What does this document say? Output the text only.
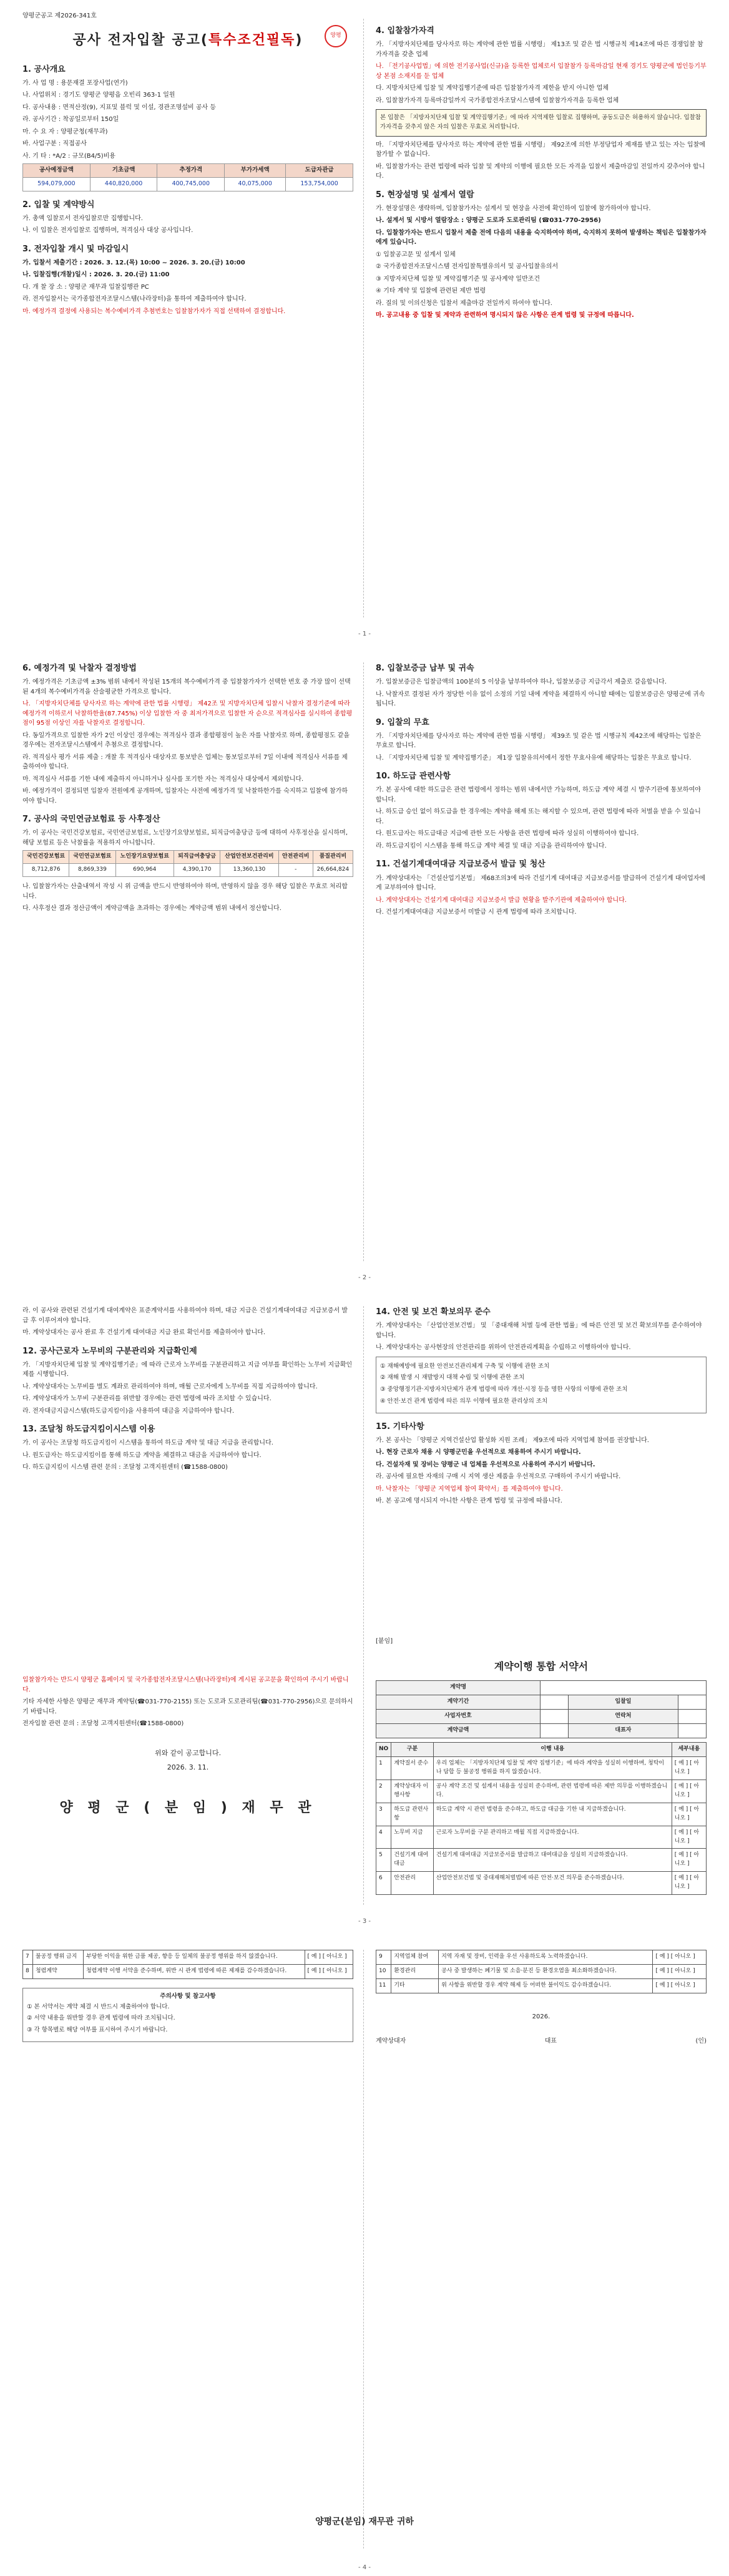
양평군공고 제2026-341호
공사 전자입찰 공고(특수조건필독)	양평
1. 공사개요

가. 사 업 명 : 용문재결 포장사업(연가)

나. 사업위치 : 경기도 양평군 양평읍 오빈리 363-1 일원

다. 공사내용 : 면적산정(9), 지표및 블럭 및 이설, 경관조명설비 공사 등

라. 공사기간 : 착공일로부터 150일

마. 수 요 자 : 양평군청(재무과)

바. 사업구분 : 직접공사

사. 기 타 : *A/2 : 규모(B4/5)비용

공사예정금액	기초금액	추정가격	부가가세액	도급자관급
594,079,000	440,820,000	400,745,000	40,075,000	153,754,000
2. 입찰 및 계약방식

가. 총액 입찰로서 전자입찰로만 집행합니다.

나. 이 입찰은 전자입찰로 집행하며, 적격심사 대상 공사입니다.

3. 전자입찰 개시 및 마감일시

가. 입찰서 제출기간 : 2026. 3. 12.(목) 10:00 ~ 2026. 3. 20.(금) 10:00

나. 입찰집행(개찰)일시 : 2026. 3. 20.(금) 11:00

다. 개 찰 장 소 : 양평군 재무과 입찰집행관 PC

라. 전자입찰서는 국가종합전자조달시스템(나라장터)을 통하여 제출하여야 합니다.

마. 예정가격 결정에 사용되는 복수예비가격 추첨번호는 입찰참가자가 직접 선택하여 결정합니다.

4. 입찰참가자격

가. 「지방자치단체를 당사자로 하는 계약에 관한 법률 시행령」 제13조 및 같은 법 시행규칙 제14조에 따른 경쟁입찰 참가자격을 갖춘 업체

나. 「전기공사업법」에 의한 전기공사업(신규)을 등록한 업체로서 입찰참가 등록마감일 현재 경기도 양평군에 법인등기부상 본점 소재지를 둔 업체

다. 지방자치단체 입찰 및 계약집행기준에 따른 입찰참가자격 제한을 받지 아니한 업체

라. 입찰참가자격 등록마감일까지 국가종합전자조달시스템에 입찰참가자격을 등록한 업체

본 입찰은 「지방자치단체 입찰 및 계약집행기준」에 따라 지역제한 입찰로 집행하며, 공동도급은 허용하지 않습니다. 입찰참가자격을 갖추지 않은 자의 입찰은 무효로 처리합니다.

마. 「지방자치단체를 당사자로 하는 계약에 관한 법률 시행령」 제92조에 의한 부정당업자 제재를 받고 있는 자는 입찰에 참가할 수 없습니다.

바. 입찰참가자는 관련 법령에 따라 입찰 및 계약의 이행에 필요한 모든 자격을 입찰서 제출마감일 전일까지 갖추어야 합니다.

5. 현장설명 및 설계서 열람

가. 현장설명은 생략하며, 입찰참가자는 설계서 및 현장을 사전에 확인하여 입찰에 참가하여야 합니다.

나. 설계서 및 시방서 열람장소 : 양평군 도로과 도로관리팀 (☎031-770-2956)

다. 입찰참가자는 반드시 입찰서 제출 전에 다음의 내용을 숙지하여야 하며, 숙지하지 못하여 발생하는 책임은 입찰참가자에게 있습니다.

① 입찰공고문 및 설계서 일체

② 국가종합전자조달시스템 전자입찰특별유의서 및 공사입찰유의서

③ 지방자치단체 입찰 및 계약집행기준 및 공사계약 일반조건

④ 기타 계약 및 입찰에 관련된 제반 법령

라. 질의 및 이의신청은 입찰서 제출마감 전일까지 하여야 합니다.

마. 공고내용 중 입찰 및 계약과 관련하여 명시되지 않은 사항은 관계 법령 및 규정에 따릅니다.

- 1 -
6. 예정가격 및 낙찰자 결정방법

가. 예정가격은 기초금액 ±3% 범위 내에서 작성된 15개의 복수예비가격 중 입찰참가자가 선택한 번호 중 가장 많이 선택된 4개의 복수예비가격을 산술평균한 가격으로 합니다.

나. 「지방자치단체를 당사자로 하는 계약에 관한 법률 시행령」 제42조 및 지방자치단체 입찰시 낙찰자 결정기준에 따라 예정가격 이하로서 낙찰하한율(87.745%) 이상 입찰한 자 중 최저가격으로 입찰한 자 순으로 적격심사를 실시하여 종합평점이 95점 이상인 자를 낙찰자로 결정합니다.

다. 동일가격으로 입찰한 자가 2인 이상인 경우에는 적격심사 결과 종합평점이 높은 자를 낙찰자로 하며, 종합평점도 같을 경우에는 전자조달시스템에서 추첨으로 결정합니다.

라. 적격심사 평가 서류 제출 : 개찰 후 적격심사 대상자로 통보받은 업체는 통보일로부터 7일 이내에 적격심사 서류를 제출하여야 합니다.

마. 적격심사 서류를 기한 내에 제출하지 아니하거나 심사를 포기한 자는 적격심사 대상에서 제외합니다.

바. 예정가격이 결정되면 입찰자 전원에게 공개하며, 입찰자는 사전에 예정가격 및 낙찰하한가를 숙지하고 입찰에 참가하여야 합니다.

7. 공사의 국민연금보험료 등 사후정산

가. 이 공사는 국민건강보험료, 국민연금보험료, 노인장기요양보험료, 퇴직급여충당금 등에 대하여 사후정산을 실시하며, 해당 보험료 등은 낙찰률을 적용하지 아니합니다.

국민건강보험료	국민연금보험료	노인장기요양보험료	퇴직급여충당금	산업안전보건관리비	안전관리비	품질관리비
8,712,876	8,869,339	690,964	4,390,170	13,360,130	-	26,664,824

나. 입찰참가자는 산출내역서 작성 시 위 금액을 반드시 반영하여야 하며, 반영하지 않을 경우 해당 입찰은 무효로 처리합니다.

다. 사후정산 결과 정산금액이 계약금액을 초과하는 경우에는 계약금액 범위 내에서 정산합니다.

8. 입찰보증금 납부 및 귀속

가. 입찰보증금은 입찰금액의 100분의 5 이상을 납부하여야 하나, 입찰보증금 지급각서 제출로 갈음합니다.

나. 낙찰자로 결정된 자가 정당한 이유 없이 소정의 기일 내에 계약을 체결하지 아니할 때에는 입찰보증금은 양평군에 귀속됩니다.

9. 입찰의 무효

가. 「지방자치단체를 당사자로 하는 계약에 관한 법률 시행령」 제39조 및 같은 법 시행규칙 제42조에 해당하는 입찰은 무효로 합니다.

나. 「지방자치단체 입찰 및 계약집행기준」 제1장 입찰유의서에서 정한 무효사유에 해당하는 입찰은 무효로 합니다.

10. 하도급 관련사항

가. 본 공사에 대한 하도급은 관련 법령에서 정하는 범위 내에서만 가능하며, 하도급 계약 체결 시 발주기관에 통보하여야 합니다.

나. 하도급 승인 없이 하도급을 한 경우에는 계약을 해제 또는 해지할 수 있으며, 관련 법령에 따라 처벌을 받을 수 있습니다.

다. 원도급자는 하도급대금 지급에 관한 모든 사항을 관련 법령에 따라 성실히 이행하여야 합니다.

라. 하도급지킴이 시스템을 통해 하도급 계약 체결 및 대금 지급을 관리하여야 합니다.

11. 건설기계대여대금 지급보증서 발급 및 청산

가. 계약상대자는 「건설산업기본법」 제68조의3에 따라 건설기계 대여대금 지급보증서를 발급하여 건설기계 대여업자에게 교부하여야 합니다.

나. 계약상대자는 건설기계 대여대금 지급보증서 발급 현황을 발주기관에 제출하여야 합니다.

다. 건설기계대여대금 지급보증서 미발급 시 관계 법령에 따라 조치합니다.

- 2 -

라. 이 공사와 관련된 건설기계 대여계약은 표준계약서를 사용하여야 하며, 대금 지급은 건설기계대여대금 지급보증서 발급 후 이루어져야 합니다.

마. 계약상대자는 공사 완료 후 건설기계 대여대금 지급 완료 확인서를 제출하여야 합니다.

12. 공사근로자 노무비의 구분관리와 지급확인제

가. 「지방자치단체 입찰 및 계약집행기준」에 따라 근로자 노무비를 구분관리하고 지급 여부를 확인하는 노무비 지급확인제를 시행합니다.

나. 계약상대자는 노무비를 별도 계좌로 관리하여야 하며, 매월 근로자에게 노무비를 직접 지급하여야 합니다.

다. 계약상대자가 노무비 구분관리를 위반할 경우에는 관련 법령에 따라 조치할 수 있습니다.

라. 전자대금지급시스템(하도급지킴이)을 사용하여 대금을 지급하여야 합니다.

13. 조달청 하도급지킴이시스템 이용

가. 이 공사는 조달청 하도급지킴이 시스템을 통하여 하도급 계약 및 대금 지급을 관리합니다.

나. 원도급자는 하도급지킴이를 통해 하도급 계약을 체결하고 대금을 지급하여야 합니다.

다. 하도급지킴이 시스템 관련 문의 : 조달청 고객지원센터 (☎1588-0800)

14. 안전 및 보건 확보의무 준수

가. 계약상대자는 「산업안전보건법」 및 「중대재해 처벌 등에 관한 법률」에 따른 안전 및 보건 확보의무를 준수하여야 합니다.

나. 계약상대자는 공사현장의 안전관리를 위하여 안전관리계획을 수립하고 이행하여야 합니다.

① 재해예방에 필요한 안전보건관리체계 구축 및 이행에 관한 조치

② 재해 발생 시 재발방지 대책 수립 및 이행에 관한 조치

③ 중앙행정기관·지방자치단체가 관계 법령에 따라 개선·시정 등을 명한 사항의 이행에 관한 조치

④ 안전·보건 관계 법령에 따른 의무 이행에 필요한 관리상의 조치

15. 기타사항

가. 본 공사는 「양평군 지역건설산업 활성화 지원 조례」 제9조에 따라 지역업체 참여를 권장합니다.

나. 현장 근로자 채용 시 양평군민을 우선적으로 채용하여 주시기 바랍니다.

다. 건설자재 및 장비는 양평군 내 업체를 우선적으로 사용하여 주시기 바랍니다.

라. 공사에 필요한 자재의 구매 시 지역 생산 제품을 우선적으로 구매하여 주시기 바랍니다.

마. 낙찰자는 「양평군 지역업체 참여 확약서」를 제출하여야 합니다.

바. 본 공고에 명시되지 아니한 사항은 관계 법령 및 규정에 따릅니다.

입찰참가자는 반드시 양평군 홈페이지 및 국가종합전자조달시스템(나라장터)에 게시된 공고문을 확인하여 주시기 바랍니다.

기타 자세한 사항은 양평군 재무과 계약팀(☎031-770-2155) 또는 도로과 도로관리팀(☎031-770-2956)으로 문의하시기 바랍니다.

전자입찰 관련 문의 : 조달청 고객지원센터(☎1588-0800)

위와 같이 공고합니다.
2026. 3. 11.
양 평 군 ( 분 임 ) 재 무 관
[붙임]
계약이행 통합 서약서
계약명			
계약기간		입찰일	
사업자번호		연락처	
계약금액		대표자	
NO	구분	이행 내용	세부내용
1	계약질서 준수	우리 업체는 「지방자치단체 입찰 및 계약 집행기준」에 따라 계약을 성실히 이행하며, 청탁이나 담합 등 불공정 행위를 하지 않겠습니다.	[ 예 ] [ 아니오 ]
2	계약상대자 이행사항	공사 계약 조건 및 설계서 내용을 성실히 준수하며, 관련 법령에 따른 제반 의무를 이행하겠습니다.	[ 예 ] [ 아니오 ]
3	하도급 관련사항	하도급 계약 시 관련 법령을 준수하고, 하도급 대금을 기한 내 지급하겠습니다.	[ 예 ] [ 아니오 ]
4	노무비 지급	근로자 노무비를 구분 관리하고 매월 직접 지급하겠습니다.	[ 예 ] [ 아니오 ]
5	건설기계 대여대금	건설기계 대여대금 지급보증서를 발급하고 대여대금을 성실히 지급하겠습니다.	[ 예 ] [ 아니오 ]
6	안전관리	산업안전보건법 및 중대재해처벌법에 따른 안전·보건 의무를 준수하겠습니다.	[ 예 ] [ 아니오 ]
- 3 -
7	불공정 행위 금지	부당한 이익을 위한 금품 제공, 향응 등 일체의 불공정 행위를 하지 않겠습니다.	[ 예 ] [ 아니오 ]
8	청렴계약	청렴계약 이행 서약을 준수하며, 위반 시 관계 법령에 따른 제재를 감수하겠습니다.	[ 예 ] [ 아니오 ]
주의사항 및 참고사항

① 본 서약서는 계약 체결 시 반드시 제출하여야 합니다.

② 서약 내용을 위반할 경우 관계 법령에 따라 조치됩니다.

③ 각 항목별로 해당 여부를 표시하여 주시기 바랍니다.

9	지역업체 참여	지역 자재 및 장비, 인력을 우선 사용하도록 노력하겠습니다.	[ 예 ] [ 아니오 ]
10	환경관리	공사 중 발생하는 폐기물 및 소음·분진 등 환경오염을 최소화하겠습니다.	[ 예 ] [ 아니오 ]
11	기타	위 사항을 위반할 경우 계약 해제 등 어떠한 불이익도 감수하겠습니다.	[ 예 ] [ 아니오 ]
2026.
계약상대자	대표	(인)
양평군(분임) 재무관 귀하
- 4 -
